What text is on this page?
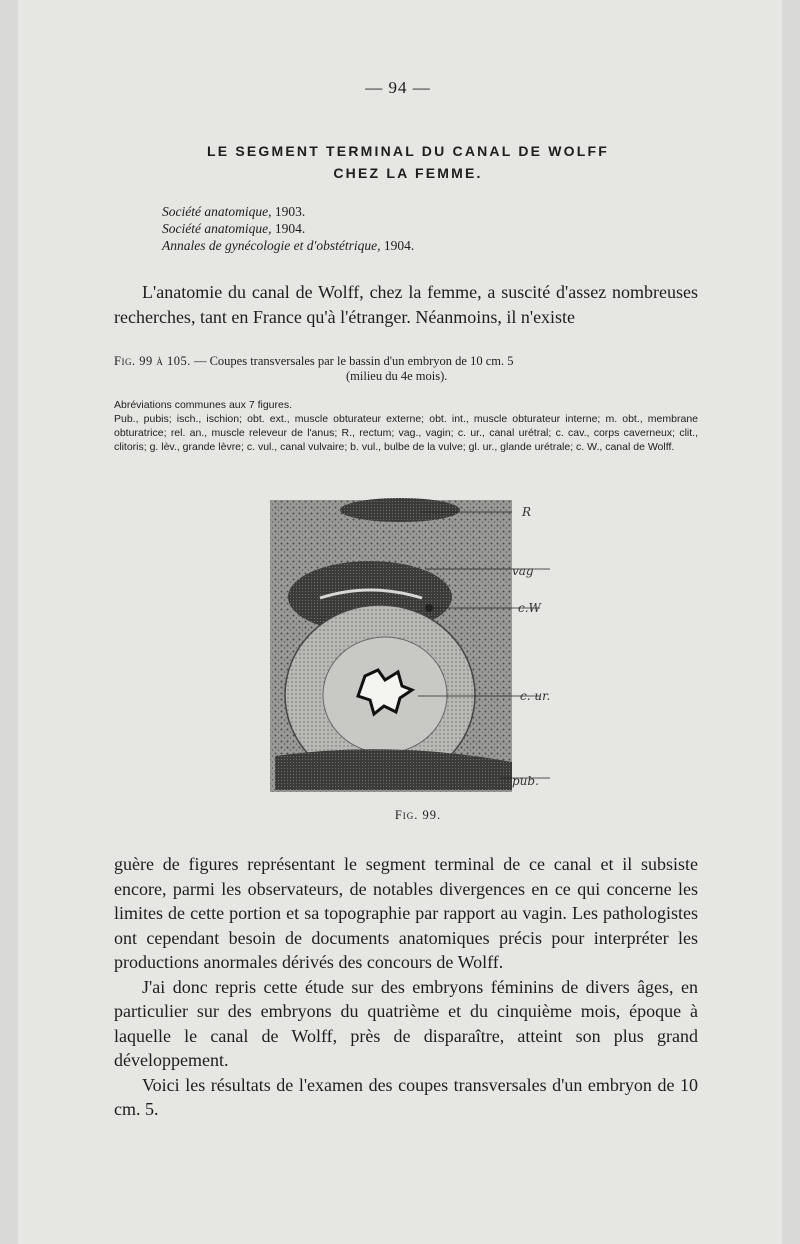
— 94 —
LE SEGMENT TERMINAL DU CANAL DE WOLFF
CHEZ LA FEMME.
Société anatomique, 1903.
Société anatomique, 1904.
Annales de gynécologie et d'obstétrique, 1904.

L'anatomie du canal de Wolff, chez la femme, a suscité d'assez nombreuses recherches, tant en France qu'à l'étranger. Néanmoins, il n'existe

Fig. 99 à 105. — Coupes transversales par le bassin d'un embryon de 10 cm. 5
(milieu du 4e mois).
Abréviations communes aux 7 figures.
Pub., pubis; isch., ischion; obt. ext., muscle obturateur externe; obt. int., muscle obturateur interne; m. obt., membrane obturatrice; rel. an., muscle releveur de l'anus; R., rectum; vag., vagin; c. ur., canal urétral; c. cav., corps caverneux; clit., clitoris; g. lèv., grande lèvre; c. vul., canal vulvaire; b. vul., bulbe de la vulve; gl. ur., glande urétrale; c. W., canal de Wolff.
R
vag
c.W
c. ur.
pub.
Fig. 99.

guère de figures représentant le segment terminal de ce canal et il subsiste encore, parmi les observateurs, de notables divergences en ce qui concerne les limites de cette portion et sa topographie par rapport au vagin. Les pathologistes ont cependant besoin de documents anatomiques précis pour interpréter les productions anormales dérivés des concours de Wolff.

J'ai donc repris cette étude sur des embryons féminins de divers âges, en particulier sur des embryons du quatrième et du cinquième mois, époque à laquelle le canal de Wolff, près de disparaître, atteint son plus grand développement.

Voici les résultats de l'examen des coupes transversales d'un embryon de 10 cm. 5.
